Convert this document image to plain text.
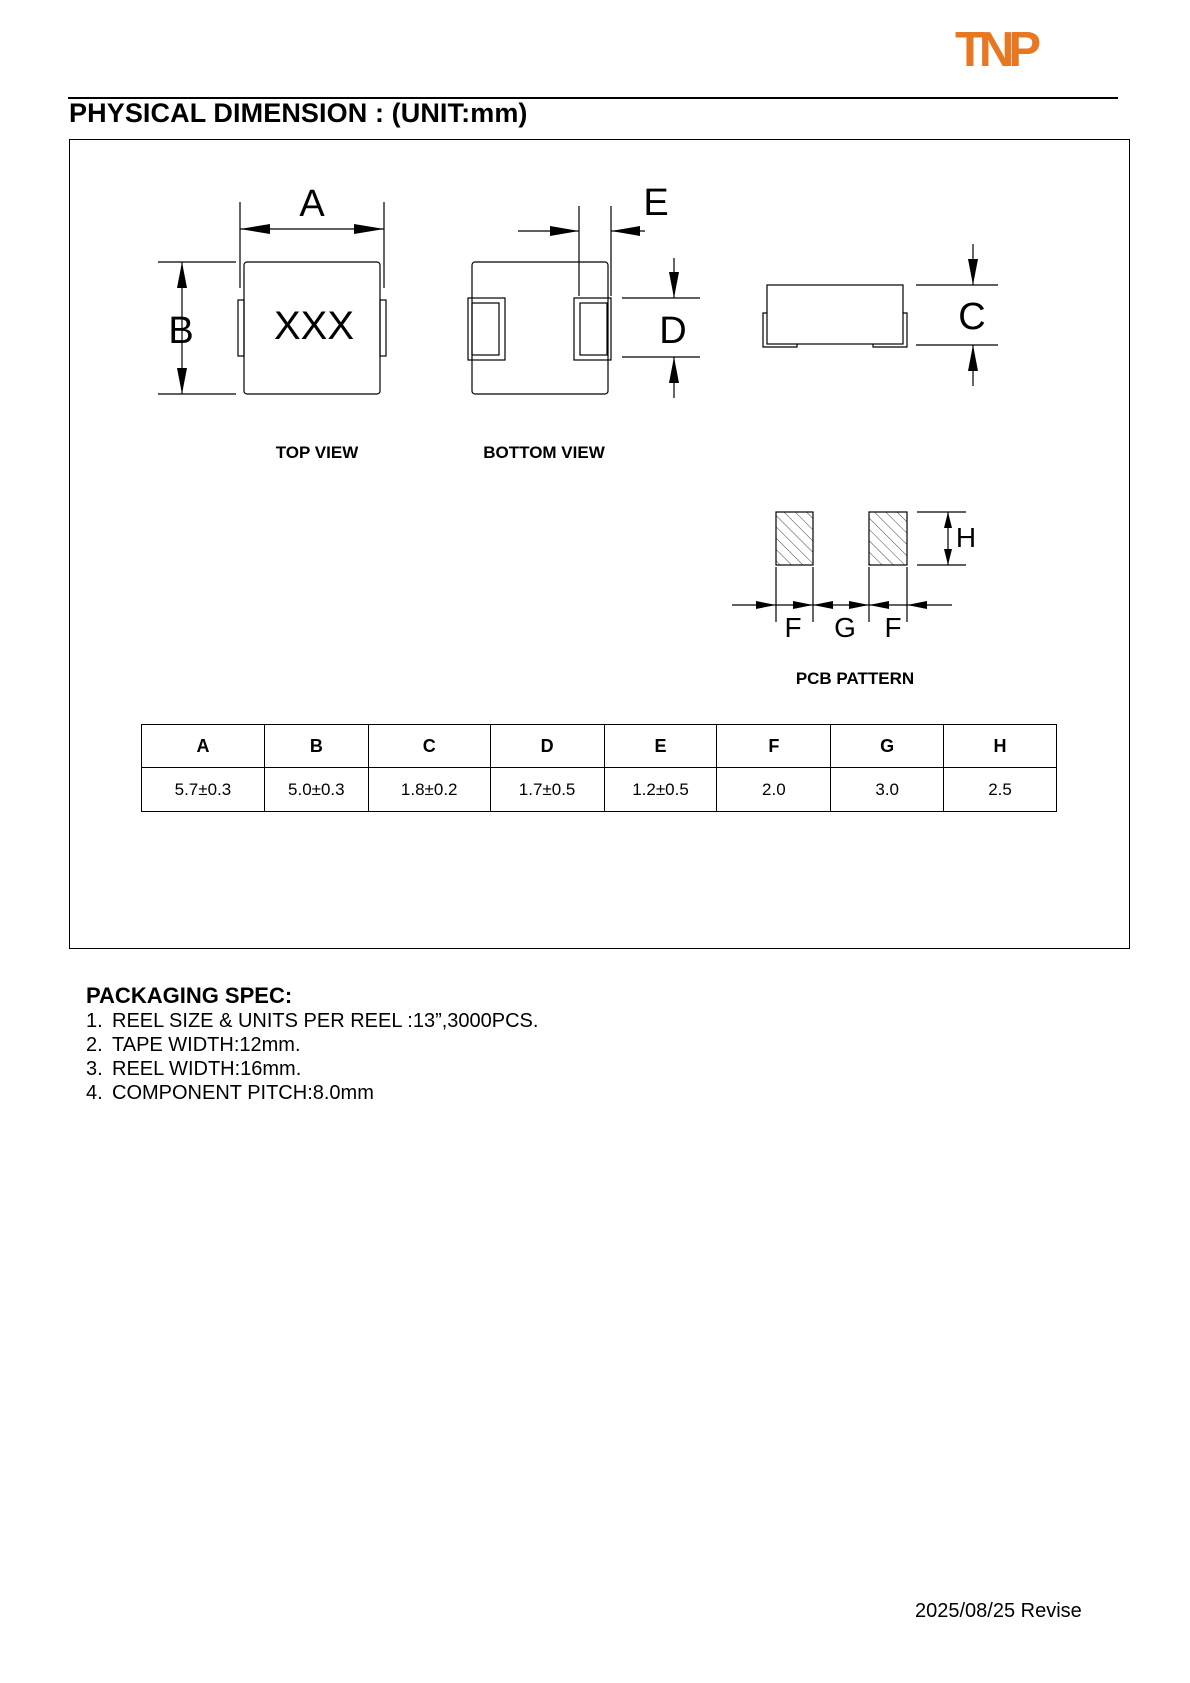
TNP
PHYSICAL DIMENSION : (UNIT:mm)
A
B XXX
E
D	C
H
F G F
TOP VIEW	BOTTOM VIEW
PCB PATTERN
A	B	C	D	E	F	G	H
5.7±0.3	5.0±0.3	1.8±0.2	1.7±0.5	1.2±0.5	2.0	3.0	2.5
PACKAGING SPEC:
1. REEL SIZE & UNITS PER REEL :13”,3000PCS.
2. TAPE WIDTH:12mm.
3. REEL WIDTH:16mm.
4. COMPONENT PITCH:8.0mm
2025/08/25 Revise
